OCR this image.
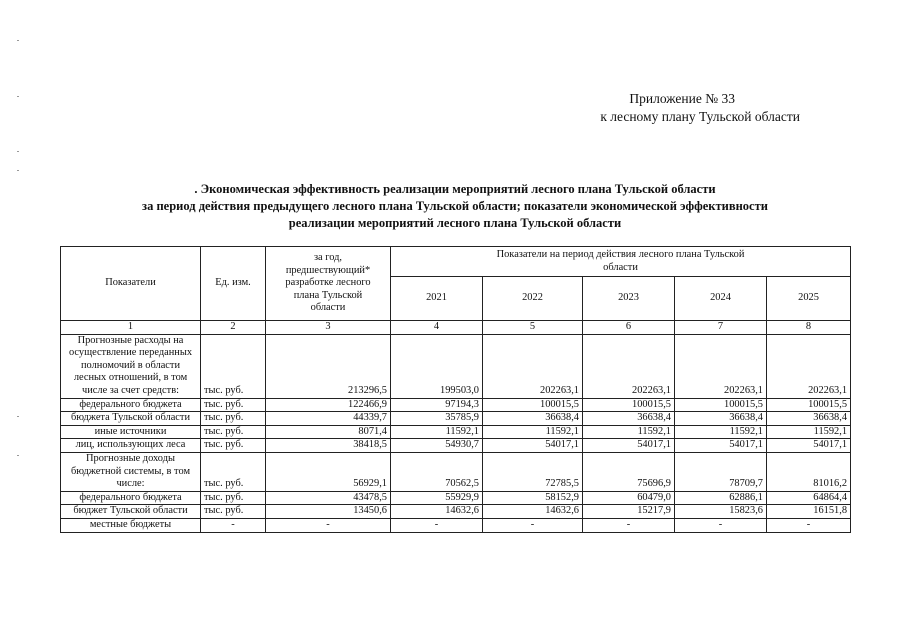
Приложение № 33
к лесному плану Тульской области
. Экономическая эффективность реализации мероприятий лесного плана Тульской области
за период действия предыдущего лесного плана Тульской области; показатели экономической эффективности
реализации мероприятий лесного плана Тульской области
Показатели	Ед. изм.	за год, предшествующий* разработке лесного плана Тульской области	Показатели на период действия лесного плана Тульской области				
			2021	2022	2023	2024	2025
1	2	3	4	5	6	7	8
Прогнозные расходы на осуществление переданных полномочий в области лесных отношений, в том числе за счет средств:	тыс. руб.	213296,5	199503,0	202263,1	202263,1	202263,1	202263,1
федерального бюджета	тыс. руб.	122466,9	97194,3	100015,5	100015,5	100015,5	100015,5
бюджета Тульской области	тыс. руб.	44339,7	35785,9	36638,4	36638,4	36638,4	36638,4
иные источники	тыс. руб.	8071,4	11592,1	11592,1	11592,1	11592,1	11592,1
лиц, использующих леса	тыс. руб.	38418,5	54930,7	54017,1	54017,1	54017,1	54017,1
Прогнозные доходы бюджетной системы, в том числе:	тыс. руб.	56929,1	70562,5	72785,5	75696,9	78709,7	81016,2
федерального бюджета	тыс. руб.	43478,5	55929,9	58152,9	60479,0	62886,1	64864,4
бюджет Тульской области	тыс. руб.	13450,6	14632,6	14632,6	15217,9	15823,6	16151,8
местные бюджеты	-	-	-	-	-	-	-
